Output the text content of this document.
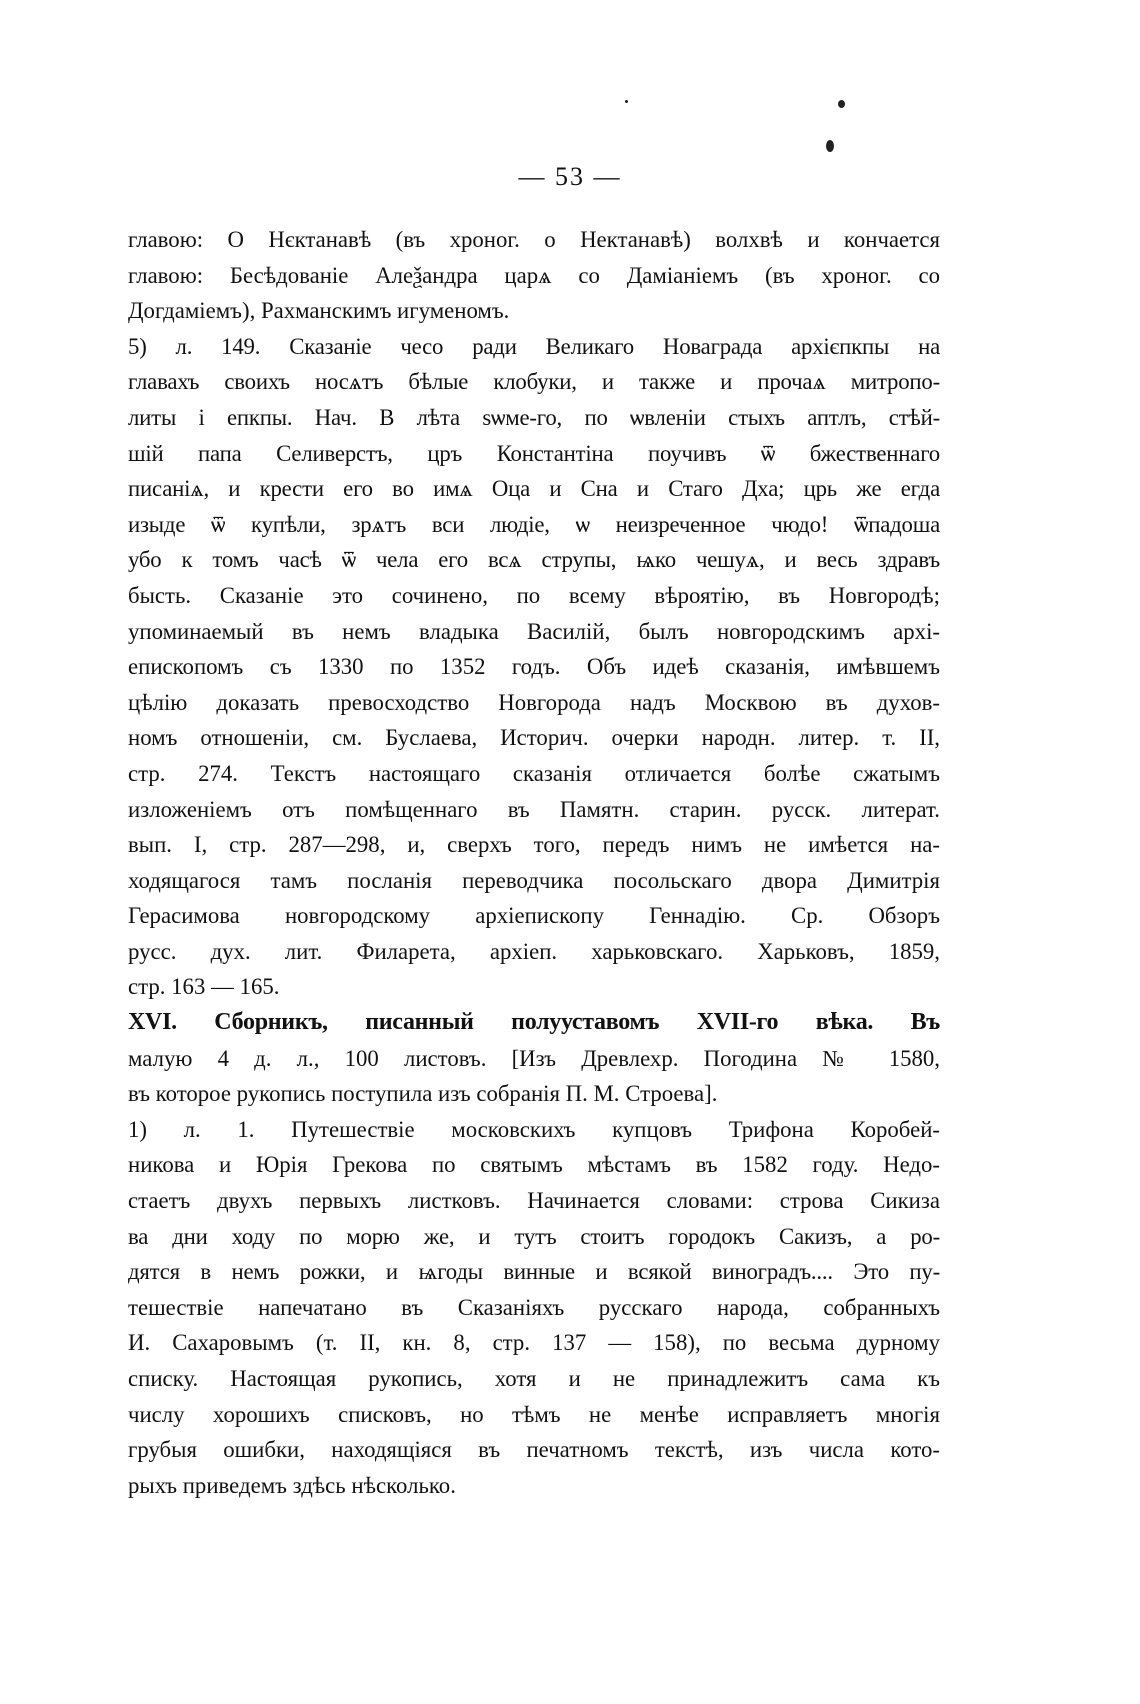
— 53 —
главою: О Нєктанавѣ (въ хроног. о Нектанавѣ) волхвѣ и кончается
главою: Бесѣдованіе Алеѯандра царѧ со Даміаніемъ (въ хроног. со
Догдаміемъ), Рахманскимъ игуменомъ.
5) л. 149. Сказаніе чесо ради Великаго Новаграда архієпкпы на
главахъ своихъ носѧтъ бѣлые клобуки, и также и прочаѧ митропо-
литы і епкпы. Нач. В лѣта ѕѡме-го, по ѡвленіи стыхъ аптлъ, стѣй-
шій папа Селиверстъ, цръ Константіна поучивъ ѿ бжественнаго
писаніѧ, и крести его во имѧ Оца и Сна и Стаго Дха; црь же егда
изыде ѿ купѣли, зрѧтъ вси людіе, ѡ неизреченное чюдо! ѿпадоша
убо к томъ часѣ ѿ чела его всѧ струпы, ѩко чешуѧ, и весь здравъ
бысть. Сказаніе это сочинено, по всему вѣроятію, въ Новгородѣ;
упоминаемый въ немъ владыка Василій, былъ новгородскимъ архі-
епископомъ съ 1330 по 1352 годъ. Объ идеѣ сказанія, имѣвшемъ
цѣлію доказать превосходство Новгорода надъ Москвою въ духов-
номъ отношеніи, см. Буслаева, Историч. очерки народн. литер. т. II,
стр. 274. Текстъ настоящаго сказанія отличается болѣе сжатымъ
изложеніемъ отъ помѣщеннаго въ Памятн. старин. русск. литерат.
вып. I, стр. 287—298, и, сверхъ того, передъ нимъ не имѣется на-
ходящагося тамъ посланія переводчика посольскаго двора Димитрія
Герасимова новгородскому архіепископу Геннадію. Ср. Обзоръ
русс. дух. лит. Филарета, архіеп. харьковскаго. Харьковъ, 1859,
стр. 163 — 165.
XVI. Сборникъ, писанный полууставомъ XVII-го вѣка. Въ
малую 4 д. л., 100 листовъ. [Изъ Древлехр. Погодина № 1580,
въ которое рукопись поступила изъ собранія П. М. Строева].
1) л. 1. Путешествіе московскихъ купцовъ Трифона Коробей-
никова и Юрія Грекова по святымъ мѣстамъ въ 1582 году. Недо-
стаетъ двухъ первыхъ листковъ. Начинается словами: строва Сикиза
ва дни ходу по морю же, и тутъ стоитъ городокъ Сакизъ, а ро-
дятся в немъ рожки, и ѩгоды винные и всякой виноградъ.... Это пу-
тешествіе напечатано въ Сказаніяхъ русскаго народа, собранныхъ
И. Сахаровымъ (т. II, кн. 8, стр. 137 — 158), по весьма дурному
списку. Настоящая рукопись, хотя и не принадлежитъ сама къ
числу хорошихъ списковъ, но тѣмъ не менѣе исправляетъ многія
грубыя ошибки, находящіяся въ печатномъ текстѣ, изъ числа кото-
рыхъ приведемъ здѣсь нѣсколько.
